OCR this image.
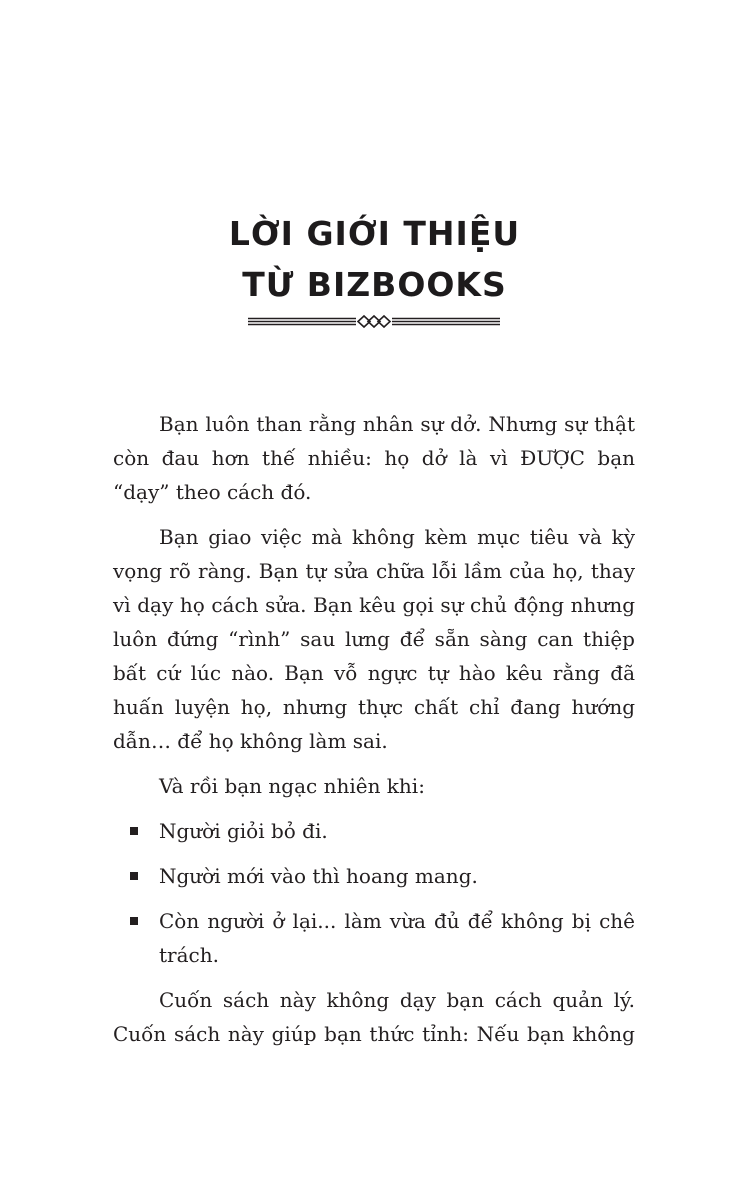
LỜI GIỚI THIỆU
TỪ BIZBOOKS

Bạn luôn than rằng nhân sự dở. Nhưng sự thật còn đau hơn thế nhiều: họ dở là vì ĐƯỢC bạn “dạy” theo cách đó.

Bạn giao việc mà không kèm mục tiêu và kỳ vọng rõ ràng. Bạn tự sửa chữa lỗi lầm của họ, thay vì dạy họ cách sửa. Bạn kêu gọi sự chủ động nhưng luôn đứng “rình” sau lưng để sẵn sàng can thiệp bất cứ lúc nào. Bạn vỗ ngực tự hào kêu rằng đã huấn luyện họ, nhưng thực chất chỉ đang hướng dẫn… để họ không làm sai.

Và rồi bạn ngạc nhiên khi:

Người giỏi bỏ đi.
Người mới vào thì hoang mang.
Còn người ở lại... làm vừa đủ để không bị chê trách.

Cuốn sách này không dạy bạn cách quản lý. Cuốn sách này giúp bạn thức tỉnh: Nếu bạn không
